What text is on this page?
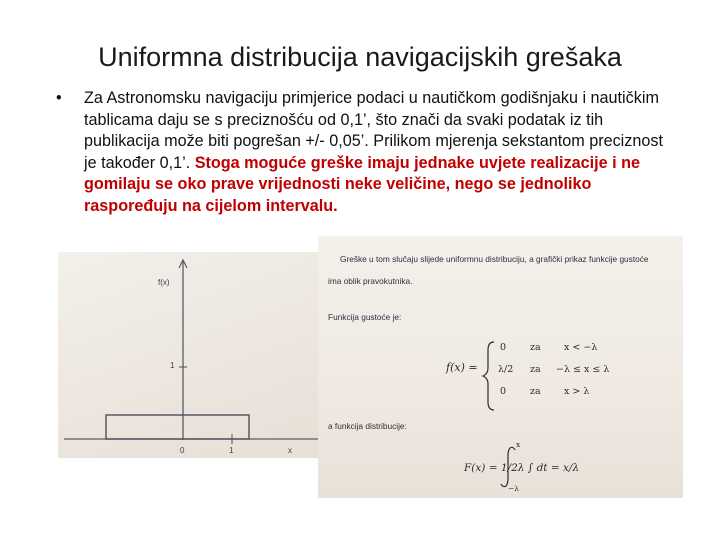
Uniformna distribucija navigacijskih grešaka
• Za Astronomsku navigaciju primjerice podaci u nautičkom godišnjaku i nautičkim tablicama daju se s preciznošću od 0,1’, što znači da svaki podatak iz tih publikacija može biti pogrešan +/- 0,05’. Prilikom mjerenja sekstantom preciznost je također 0,1’. Stoga moguće greške imaju jednake uvjete realizacije i ne gomilaju se oko prave vrijednosti neke veličine, nego se jednoliko raspoređuju na cijelom intervalu.
f(x)
1
0	1	x
Greške u tom slučaju slijede uniformnu distribuciju, a grafički prikaz funkcije gustoće
ima oblik pravokutnika.
Funkcija gustoće je:
f(x) =
0	za x < −λ
λ/2 za −λ ≤ x ≤ λ
0	za x > λ
a funkcija distribucije:
x
F(x) = 1/2λ ∫ dt = x/λ
−λ
